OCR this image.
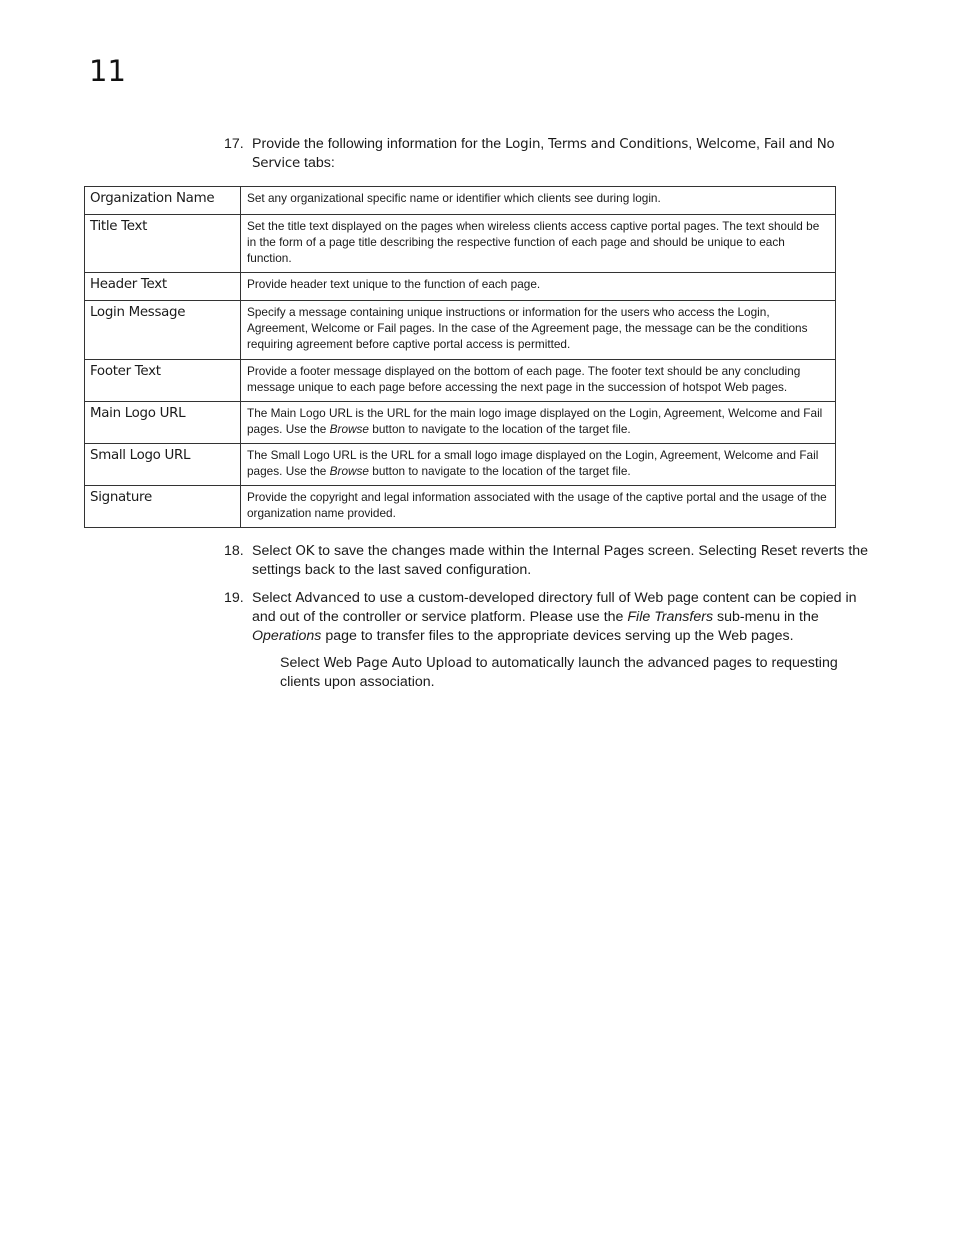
11
17. Provide the following information for the Login, Terms and Conditions, Welcome, Fail and No Service tabs:
Organization Name	Set any organizational specific name or identifier which clients see during login.
Title Text	Set the title text displayed on the pages when wireless clients access captive portal pages. The text should be in the form of a page title describing the respective function of each page and should be unique to each function.
Header Text	Provide header text unique to the function of each page.
Login Message	Specify a message containing unique instructions or information for the users who access the Login, Agreement, Welcome or Fail pages. In the case of the Agreement page, the message can be the conditions requiring agreement before captive portal access is permitted.
Footer Text	Provide a footer message displayed on the bottom of each page. The footer text should be any concluding message unique to each page before accessing the next page in the succession of hotspot Web pages.
Main Logo URL	The Main Logo URL is the URL for the main logo image displayed on the Login, Agreement, Welcome and Fail pages. Use the Browse button to navigate to the location of the target file.
Small Logo URL	The Small Logo URL is the URL for a small logo image displayed on the Login, Agreement, Welcome and Fail pages. Use the Browse button to navigate to the location of the target file.
Signature	Provide the copyright and legal information associated with the usage of the captive portal and the usage of the organization name provided.
18. Select OK to save the changes made within the Internal Pages screen. Selecting Reset reverts the settings back to the last saved configuration.
19. Select Advanced to use a custom-developed directory full of Web page content can be copied in and out of the controller or service platform. Please use the File Transfers sub-menu in the Operations page to transfer files to the appropriate devices serving up the Web pages.
Select Web Page Auto Upload to automatically launch the advanced pages to requesting clients upon association.
